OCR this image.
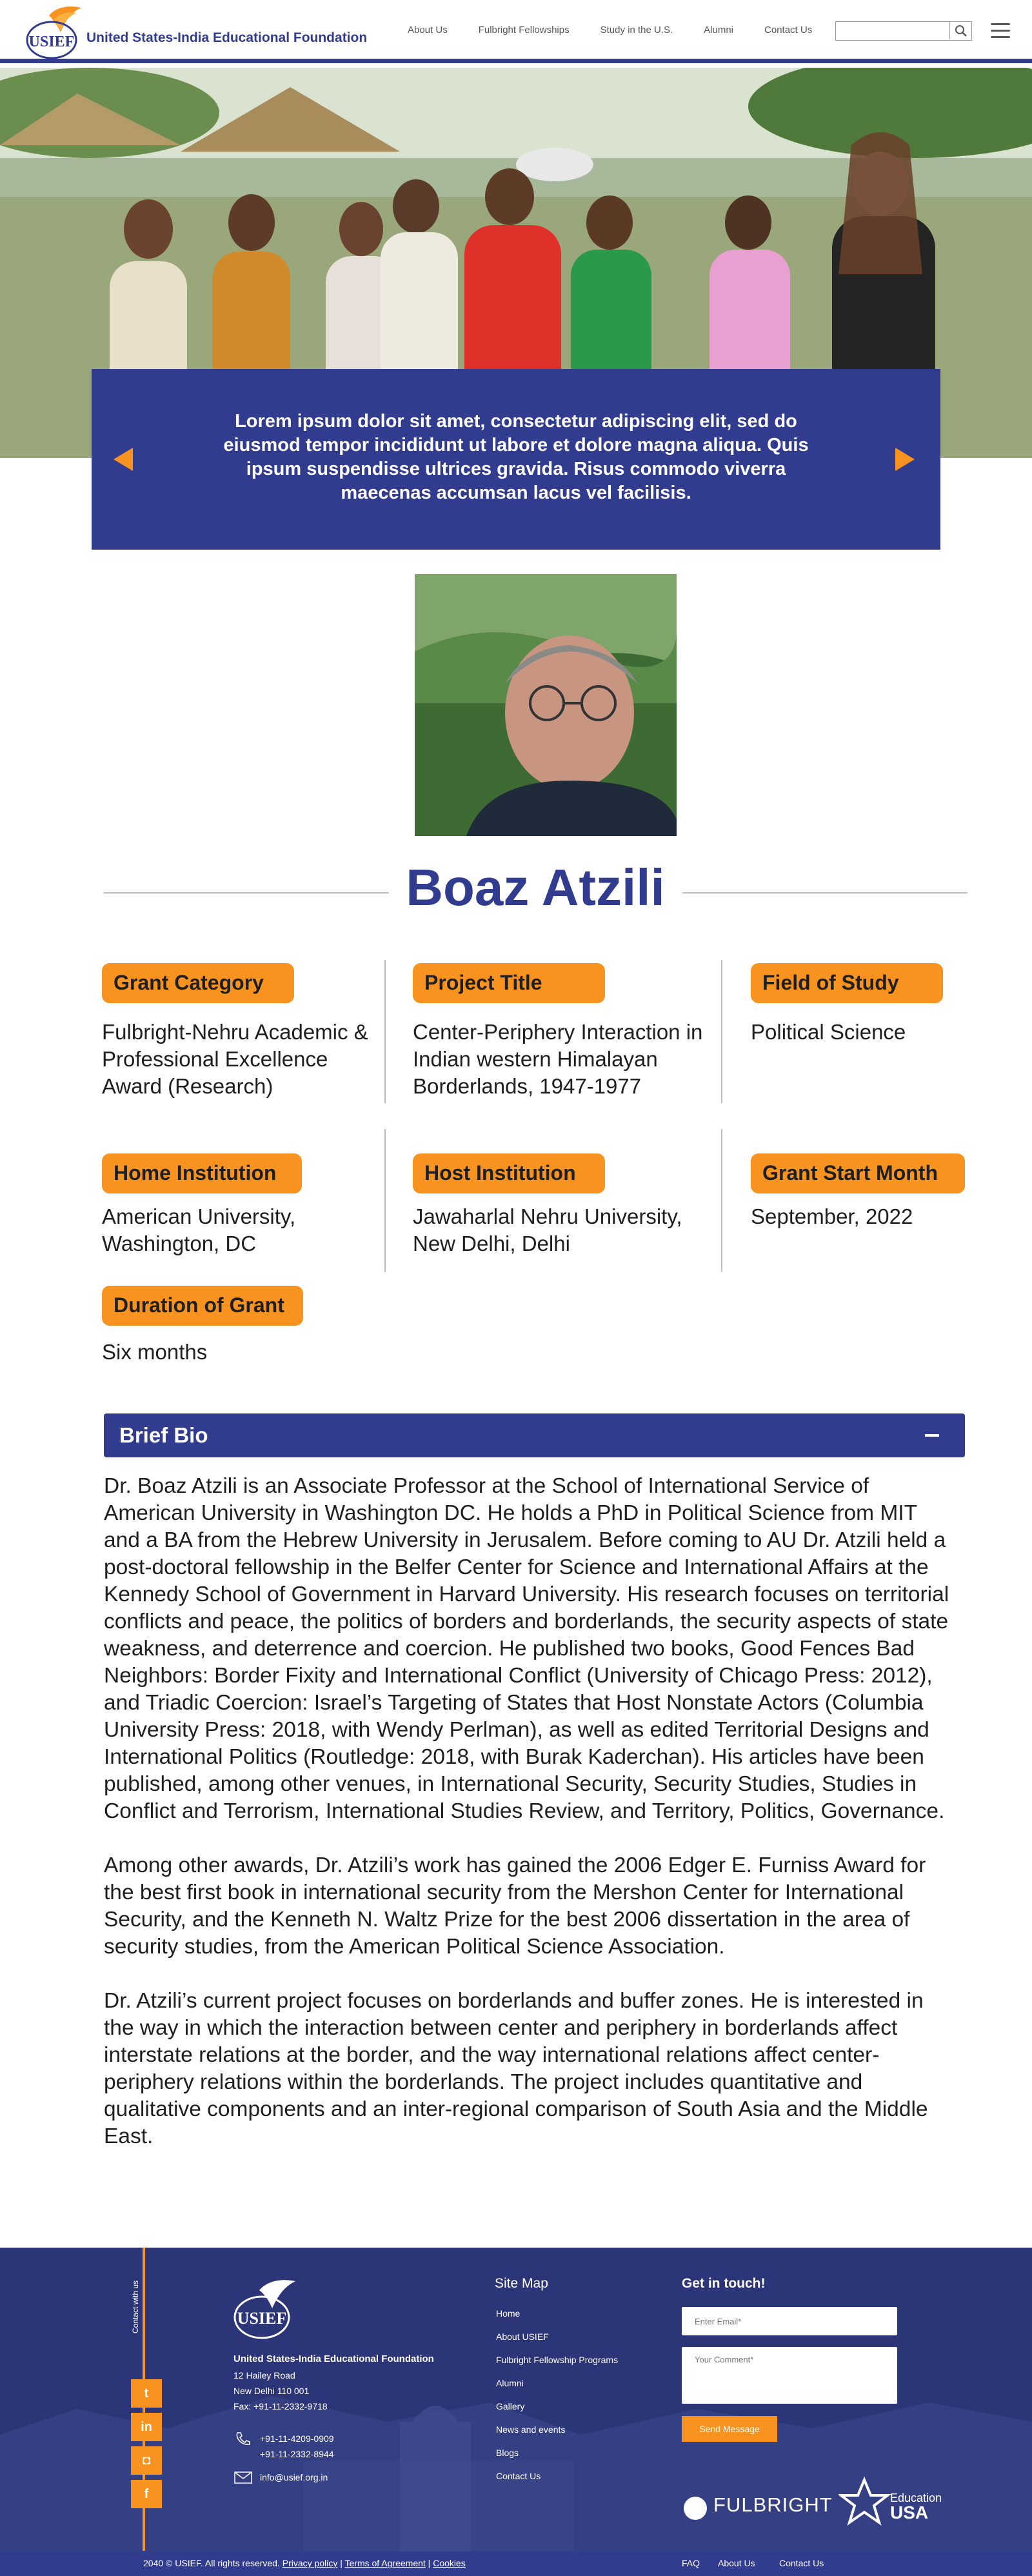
USIEF United States-India Educational Foundation
About Us	Fulbright Fellowships	Study in the U.S.	Alumni	Contact Us
Lorem ipsum dolor sit amet, consectetur adipiscing elit, sed do eiusmod tempor incididunt ut labore et dolore magna aliqua. Quis ipsum suspendisse ultrices gravida. Risus commodo viverra maecenas accumsan lacus vel facilisis.
Boaz Atzili
Grant Category
Fulbright-Nehru Academic & Professional Excellence Award (Research)
Project Title
Center-Periphery Interaction in Indian western Himalayan Borderlands, 1947-1977
Field of Study
Political Science
Home Institution
American University, Washington, DC
Host Institution
Jawaharlal Nehru University, New Delhi, Delhi
Grant Start Month
September, 2022
Duration of Grant
Six months
Brief Bio

Dr. Boaz Atzili is an Associate Professor at the School of International Service of American University in Washington DC. He holds a PhD in Political Science from MIT and a BA from the Hebrew University in Jerusalem. Before coming to AU Dr. Atzili held a post-doctoral fellowship in the Belfer Center for Science and International Affairs at the Kennedy School of Government in Harvard University. His research focuses on territorial conflicts and peace, the politics of borders and borderlands, the security aspects of state weakness, and deterrence and coercion. He published two books, Good Fences Bad Neighbors: Border Fixity and International Conflict (University of Chicago Press: 2012), and Triadic Coercion: Israel’s Targeting of States that Host Nonstate Actors (Columbia University Press: 2018, with Wendy Perlman), as well as edited Territorial Designs and International Politics (Routledge: 2018, with Burak Kaderchan). His articles have been published, among other venues, in International Security, Security Studies, Studies in Conflict and Terrorism, International Studies Review, and Territory, Politics, Governance.

Among other awards, Dr. Atzili’s work has gained the 2006 Edger E. Furniss Award for the best first book in international security from the Mershon Center for International Security, and the Kenneth N. Waltz Prize for the best 2006 dissertation in the area of security studies, from the American Political Science Association.

Dr. Atzili’s current project focuses on borderlands and buffer zones. He is interested in the way in which the interaction between center and periphery in borderlands affect interstate relations at the border, and the way international relations affect center-periphery relations within the borderlands. The project includes quantitative and qualitative components and an inter-regional comparison of South Asia and the Middle East.

Contact with us
t
in
◘
f
USIEF
United States-India Educational Foundation
12 Hailey Road
New Delhi 110 001
Fax: +91-11-2332-9718
+91-11-4209-0909
+91-11-2332-8944
info@usief.org.in
Site Map
Home
About USIEF
Fulbright Fellowship Programs
Alumni
Gallery
News and events
Blogs
Contact Us
Get in touch!
Enter Email*
Your Comment*
Send Message
FULBRIGHT	Education
USA
2040 © USIEF. All rights reserved. Privacy policy | Terms of Agreement | Cookies	FAQ About Us	Contact Us
